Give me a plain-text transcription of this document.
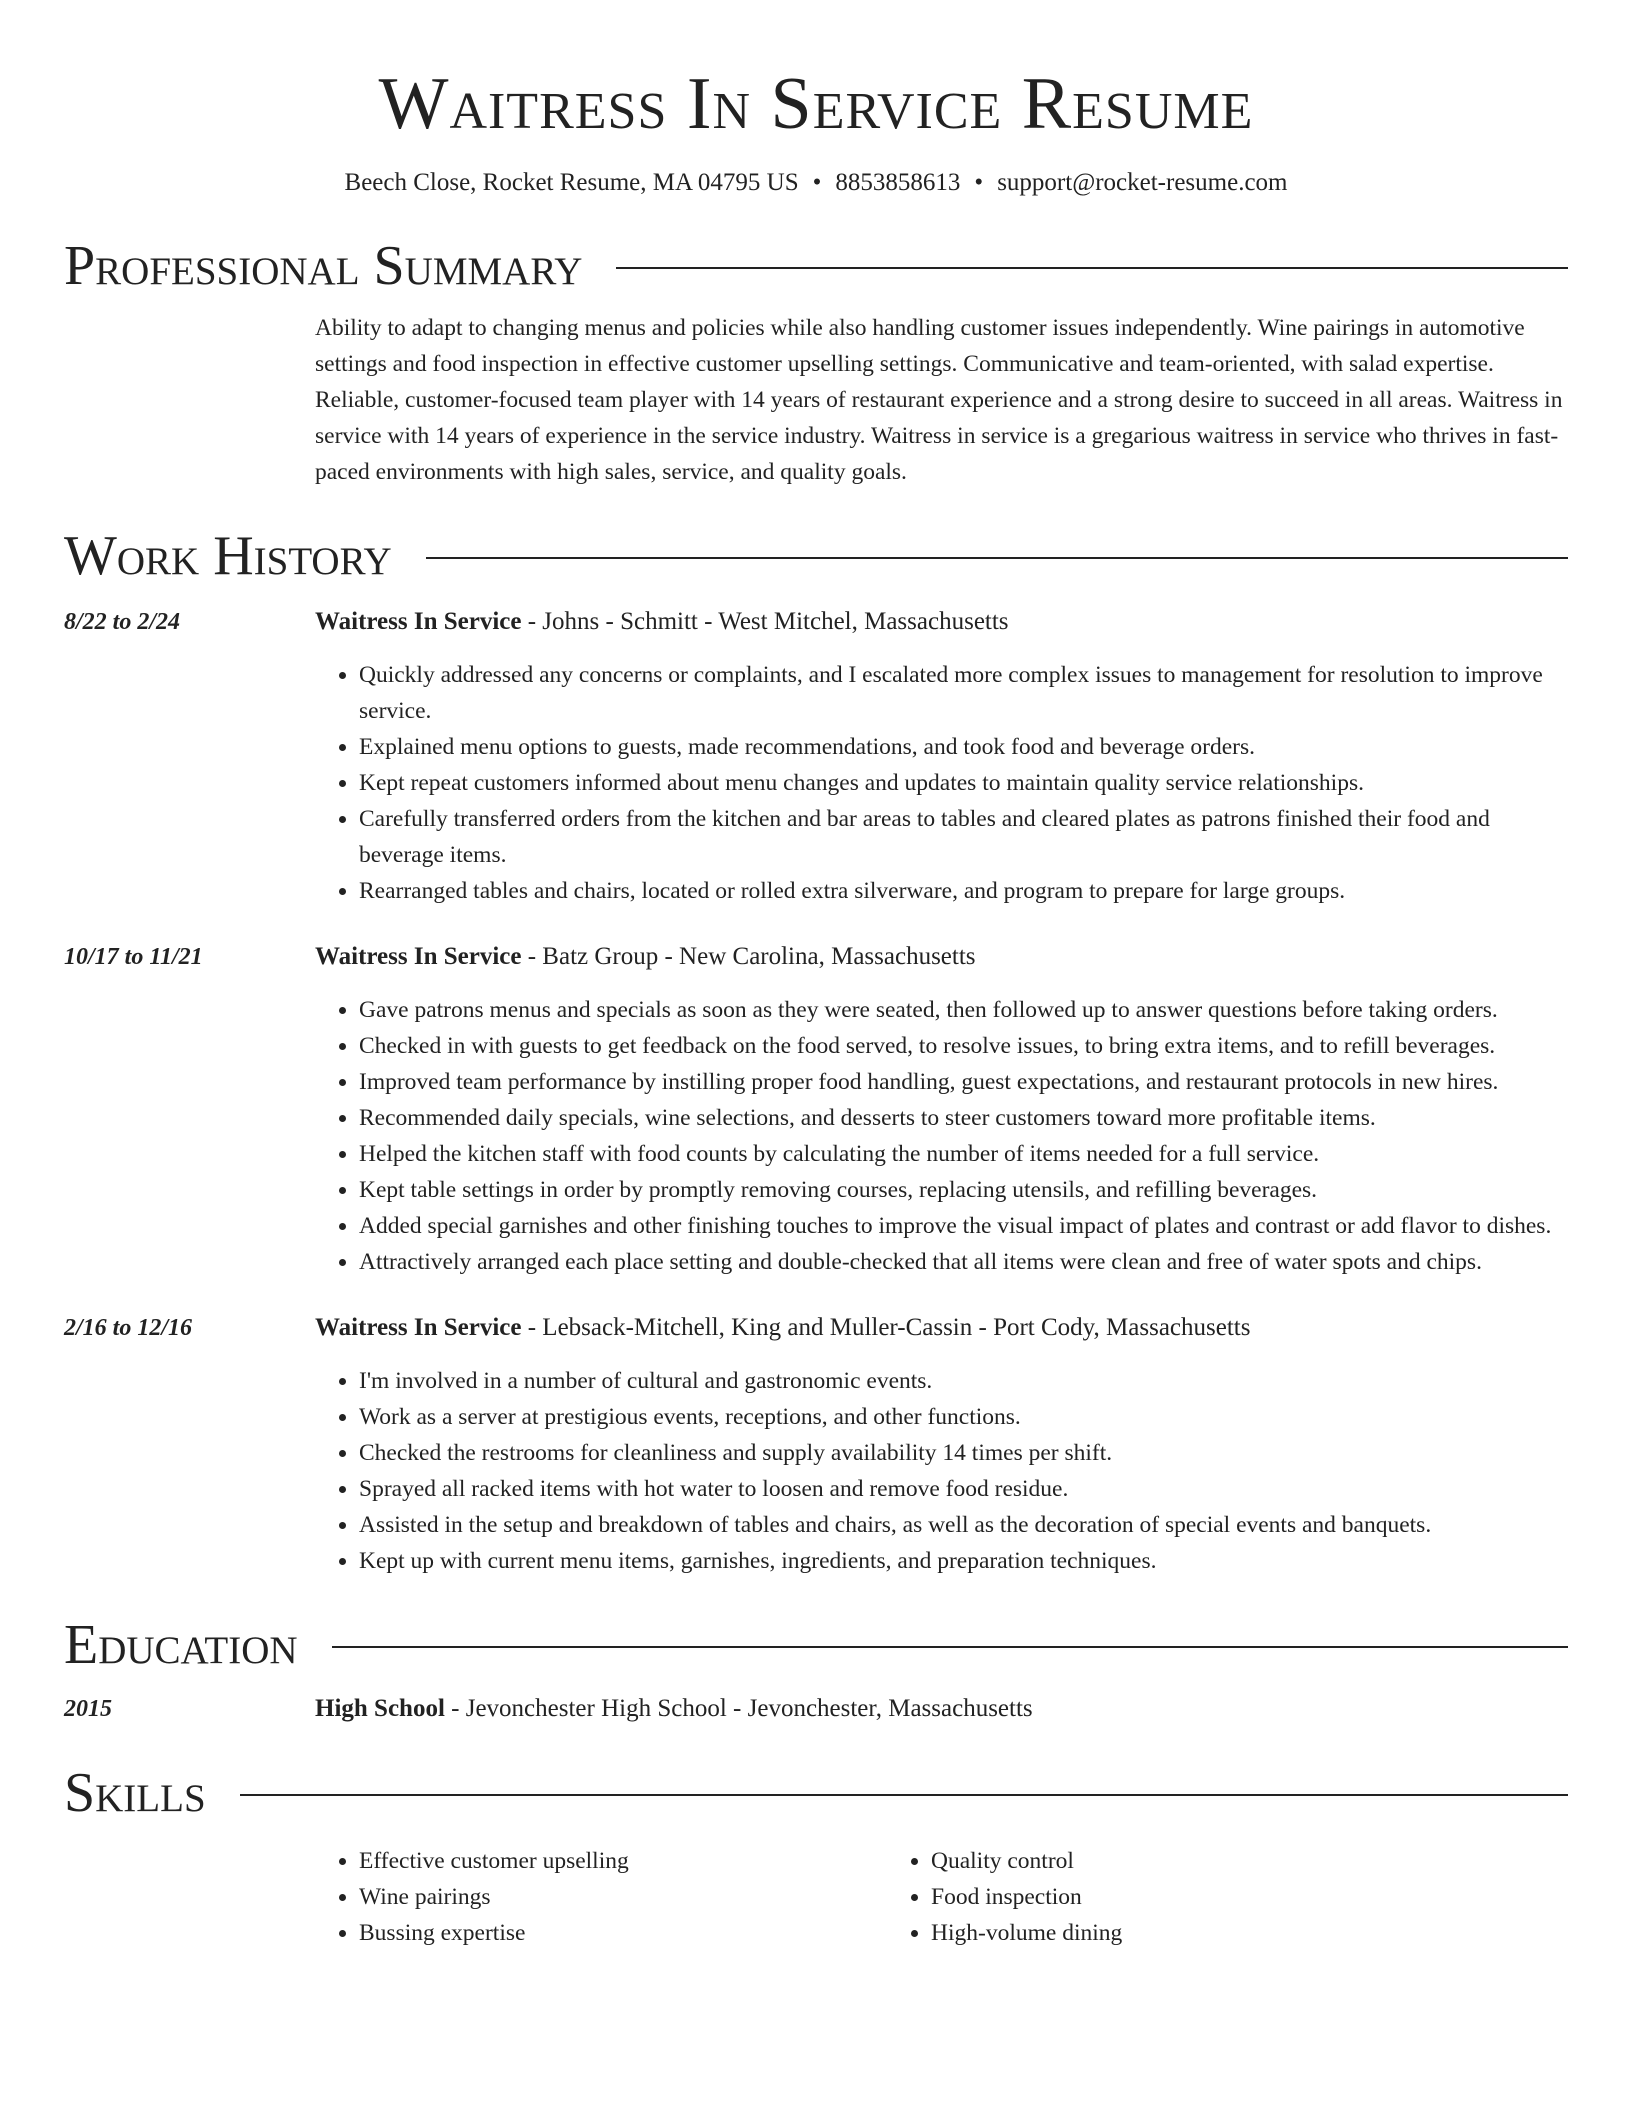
Waitress In Service Resume
Beech Close, Rocket Resume, MA 04795 US • 8853858613 • support@rocket-resume.com
Professional Summary
Ability to adapt to changing menus and policies while also handling customer issues independently. Wine pairings in automotive settings and food inspection in effective customer upselling settings. Communicative and team-oriented, with salad expertise. Reliable, customer-focused team player with 14 years of restaurant experience and a strong desire to succeed in all areas. Waitress in service with 14 years of experience in the service industry. Waitress in service is a gregarious waitress in service who thrives in fast-paced environments with high sales, service, and quality goals.
Work History
8/22 to 2/24	Waitress In Service - Johns - Schmitt - West Mitchel, Massachusetts
• Quickly addressed any concerns or complaints, and I escalated more complex issues to management for resolution to improve service.
• Explained menu options to guests, made recommendations, and took food and beverage orders.
• Kept repeat customers informed about menu changes and updates to maintain quality service relationships.
• Carefully transferred orders from the kitchen and bar areas to tables and cleared plates as patrons finished their food and beverage items.
• Rearranged tables and chairs, located or rolled extra silverware, and program to prepare for large groups.
10/17 to 11/21	Waitress In Service - Batz Group - New Carolina, Massachusetts
• Gave patrons menus and specials as soon as they were seated, then followed up to answer questions before taking orders.
• Checked in with guests to get feedback on the food served, to resolve issues, to bring extra items, and to refill beverages.
• Improved team performance by instilling proper food handling, guest expectations, and restaurant protocols in new hires.
• Recommended daily specials, wine selections, and desserts to steer customers toward more profitable items.
• Helped the kitchen staff with food counts by calculating the number of items needed for a full service.
• Kept table settings in order by promptly removing courses, replacing utensils, and refilling beverages.
• Added special garnishes and other finishing touches to improve the visual impact of plates and contrast or add flavor to dishes.
• Attractively arranged each place setting and double-checked that all items were clean and free of water spots and chips.
2/16 to 12/16	Waitress In Service - Lebsack-Mitchell, King and Muller-Cassin - Port Cody, Massachusetts
• I'm involved in a number of cultural and gastronomic events.
• Work as a server at prestigious events, receptions, and other functions.
• Checked the restrooms for cleanliness and supply availability 14 times per shift.
• Sprayed all racked items with hot water to loosen and remove food residue.
• Assisted in the setup and breakdown of tables and chairs, as well as the decoration of special events and banquets.
• Kept up with current menu items, garnishes, ingredients, and preparation techniques.
Education
2015	High School - Jevonchester High School - Jevonchester, Massachusetts
Skills
• Effective customer upselling
• Wine pairings
• Bussing expertise
• Quality control
• Food inspection
• High-volume dining
